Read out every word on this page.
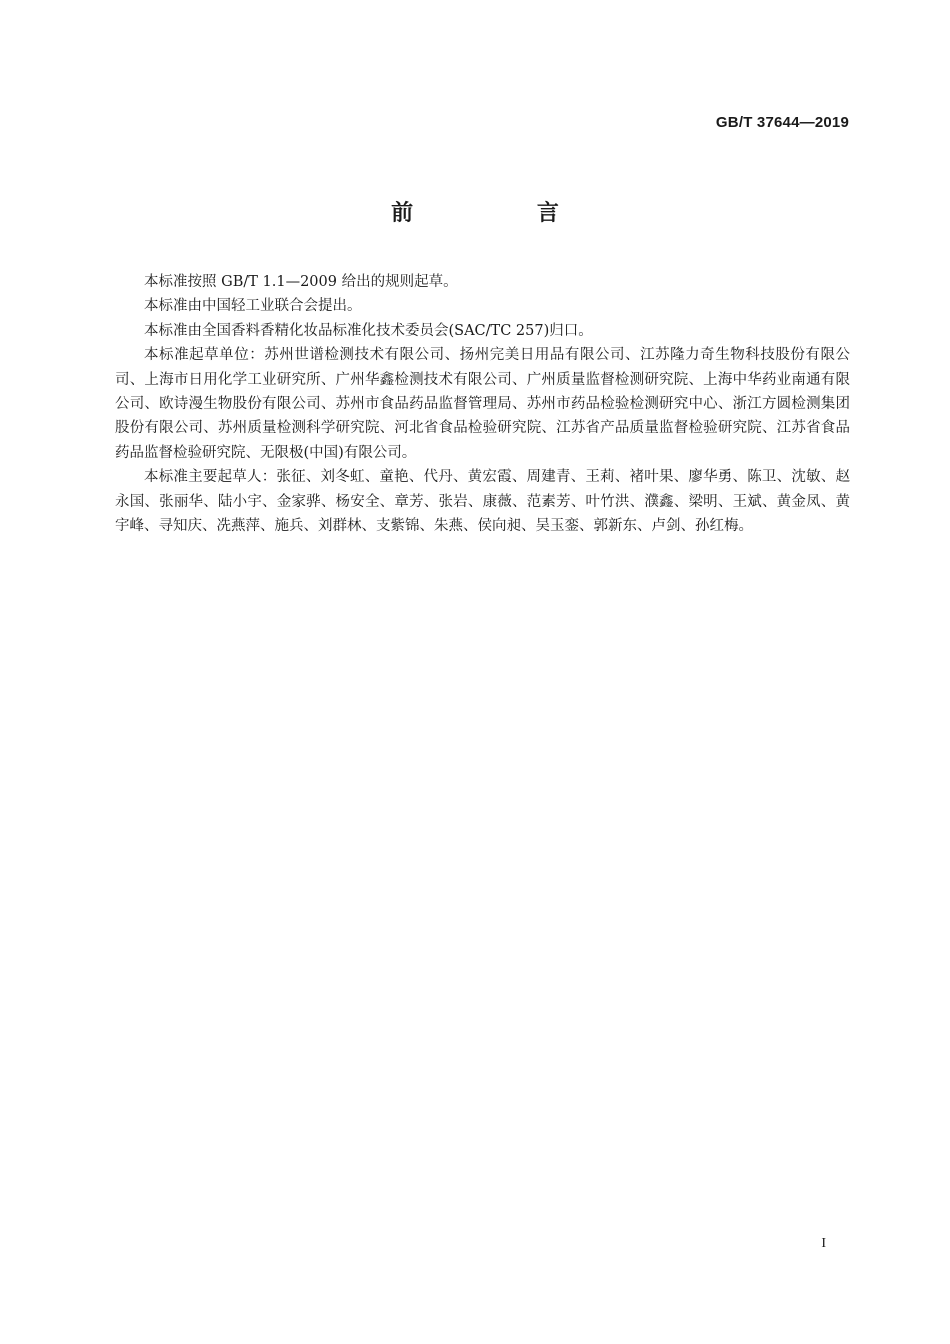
GB/T 37644—2019
前 言

本标准按照 GB/T 1.1—2009 给出的规则起草。

本标准由中国轻工业联合会提出。

本标准由全国香料香精化妆品标准化技术委员会(SAC/TC 257)归口。

本标准起草单位：苏州世谱检测技术有限公司、扬州完美日用品有限公司、江苏隆力奇生物科技股份有限公司、上海市日用化学工业研究所、广州华鑫检测技术有限公司、广州质量监督检测研究院、上海中华药业南通有限公司、欧诗漫生物股份有限公司、苏州市食品药品监督管理局、苏州市药品检验检测研究中心、浙江方圆检测集团股份有限公司、苏州质量检测科学研究院、河北省食品检验研究院、江苏省产品质量监督检验研究院、江苏省食品药品监督检验研究院、无限极(中国)有限公司。

本标准主要起草人：张征、刘冬虹、童艳、代丹、黄宏霞、周建青、王莉、褚叶果、廖华勇、陈卫、沈敏、赵永国、张丽华、陆小宇、金家骅、杨安全、章芳、张岩、康薇、范素芳、叶竹洪、濮鑫、梁明、王斌、黄金凤、黄宇峰、寻知庆、冼燕萍、施兵、刘群林、支紫锦、朱燕、侯向昶、吴玉銮、郭新东、卢剑、孙红梅。

I
